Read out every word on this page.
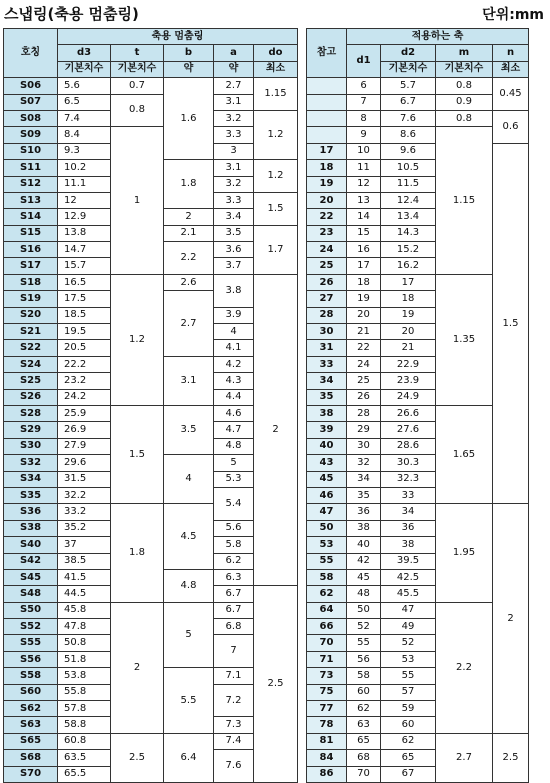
스냅링(축용 멈춤링)	단위:mm
호칭	축용 멈춤링						참고	적용하는 축			
	d3	t	b	a	do			d1	d2	m	n
	기본치수	기본치수	약	약	최소				기본치수	기본치수	최소
S06	5.6	0.7	1.6	2.7	1.15			6	5.7	0.8	0.45
S07	6.5	0.8		3.1				7	6.7	0.9	
S08	7.4			3.2	1.2			8	7.6	0.8	0.6
S09	8.4	1		3.3				9	8.6	1.15	
S10	9.3			3			17	10	9.6		1.5
S11	10.2		1.8	3.1	1.2		18	11	10.5		
S12	11.1			3.2			19	12	11.5		
S13	12			3.3	1.5		20	13	12.4		
S14	12.9		2	3.4			22	14	13.4		
S15	13.8		2.1	3.5	1.7		23	15	14.3		
S16	14.7		2.2	3.6			24	16	15.2		
S17	15.7			3.7			25	17	16.2		
S18	16.5	1.2	2.6	3.8	2		26	18	17	1.35	
S19	17.5		2.7				27	19	18		
S20	18.5			3.9			28	20	19		
S21	19.5			4			30	21	20		
S22	20.5			4.1			31	22	21		
S24	22.2		3.1	4.2			33	24	22.9		
S25	23.2			4.3			34	25	23.9		
S26	24.2			4.4			35	26	24.9		
S28	25.9	1.5	3.5	4.6			38	28	26.6	1.65	
S29	26.9			4.7			39	29	27.6		
S30	27.9			4.8			40	30	28.6		
S32	29.6		4	5			43	32	30.3		
S34	31.5			5.3			45	34	32.3		
S35	32.2			5.4			46	35	33		
S36	33.2	1.8	4.5				47	36	34	1.95	2
S38	35.2			5.6			50	38	36		
S40	37			5.8			53	40	38		
S42	38.5			6.2			55	42	39.5		
S45	41.5		4.8	6.3			58	45	42.5		
S48	44.5			6.7	2.5		62	48	45.5		
S50	45.8	2	5	6.7			64	50	47	2.2	
S52	47.8			6.8			66	52	49		
S55	50.8			7			70	55	52		
S56	51.8						71	56	53		
S58	53.8		5.5	7.1			73	58	55		
S60	55.8			7.2			75	60	57		
S62	57.8						77	62	59		
S63	58.8			7.3			78	63	60		
S65	60.8	2.5	6.4	7.4			81	65	62	2.7	2.5
S68	63.5			7.6			84	68	65		
S70	65.5						86	70	67		
